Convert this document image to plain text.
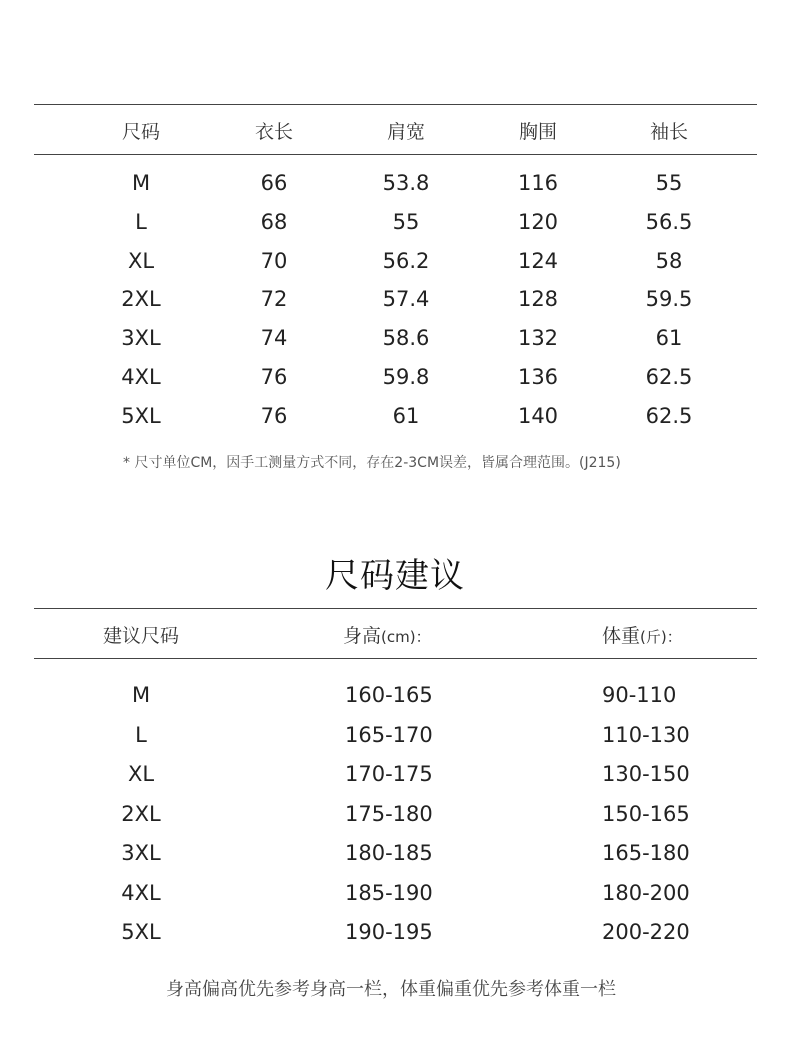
尺码	衣长	肩宽	胸围	袖长
M	66	53.8	116	55
L	68	55	120	56.5
XL	70	56.2	124	58
2XL	72	57.4	128	59.5
3XL	74	58.6	132	61
4XL	76	59.8	136	62.5
5XL	76	61	140	62.5
* 尺寸单位CM，因手工测量方式不同，存在2-3CM误差，皆属合理范围。(J215)
尺码建议
建议尺码	身高(cm)：	体重(斤)：
M	160-165	90-110
L	165-170	110-130
XL	170-175	130-150
2XL	175-180	150-165
3XL	180-185	165-180
4XL	185-190	180-200
5XL	190-195	200-220
身高偏高优先参考身高一栏，体重偏重优先参考体重一栏
